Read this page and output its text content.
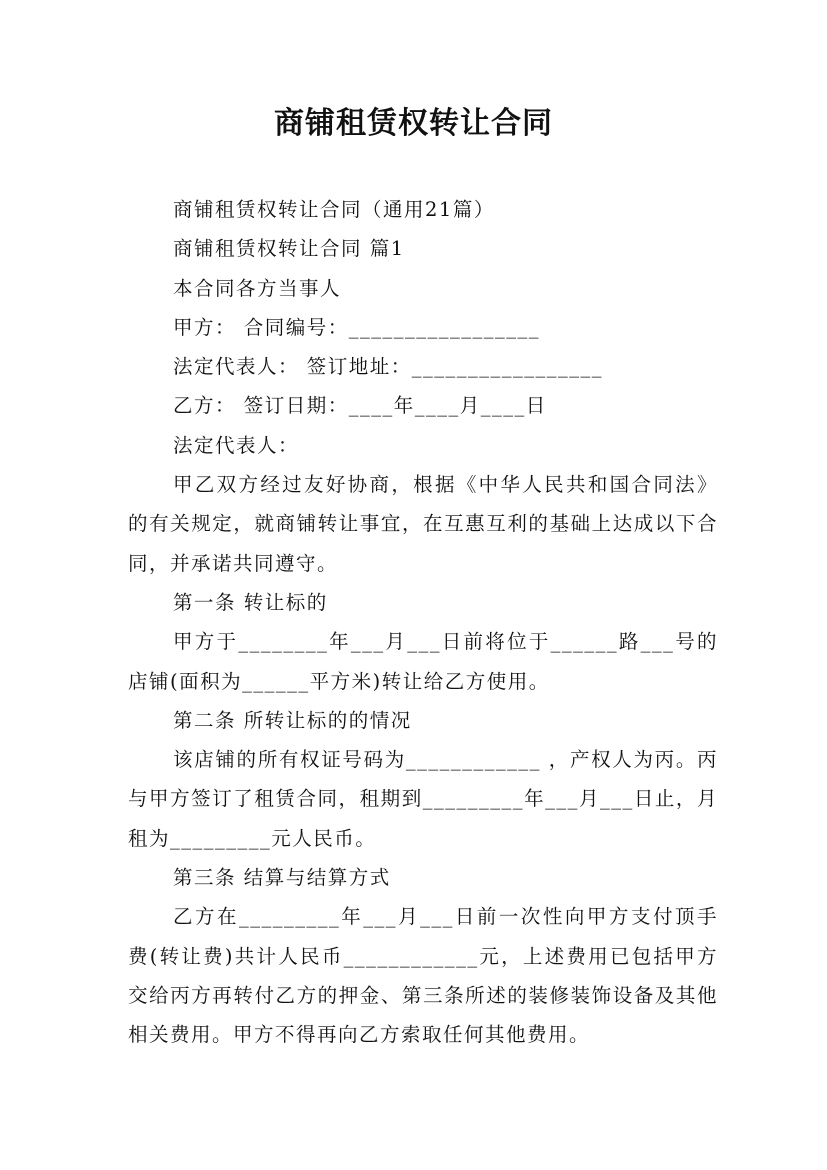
商铺租赁权转让合同

商铺租赁权转让合同（通用21篇）

商铺租赁权转让合同 篇1

本合同各方当事人

甲方： 合同编号：_________________

法定代表人： 签订地址：_________________

乙方： 签订日期：____年____月____日

法定代表人：

甲乙双方经过友好协商，根据《中华人民共和国合同法》的有关规定，就商铺转让事宜，在互惠互利的基础上达成以下合同，并承诺共同遵守。

第一条 转让标的

甲方于________年___月___日前将位于______路___号的店铺(面积为______平方米)转让给乙方使用。

第二条 所转让标的的情况

该店铺的所有权证号码为____________ ，产权人为丙。丙与甲方签订了租赁合同，租期到_________年___月___日止，月租为_________元人民币。

第三条 结算与结算方式

乙方在_________年___月___日前一次性向甲方支付顶手费(转让费)共计人民币____________元，上述费用已包括甲方交给丙方再转付乙方的押金、第三条所述的装修装饰设备及其他相关费用。甲方不得再向乙方索取任何其他费用。
